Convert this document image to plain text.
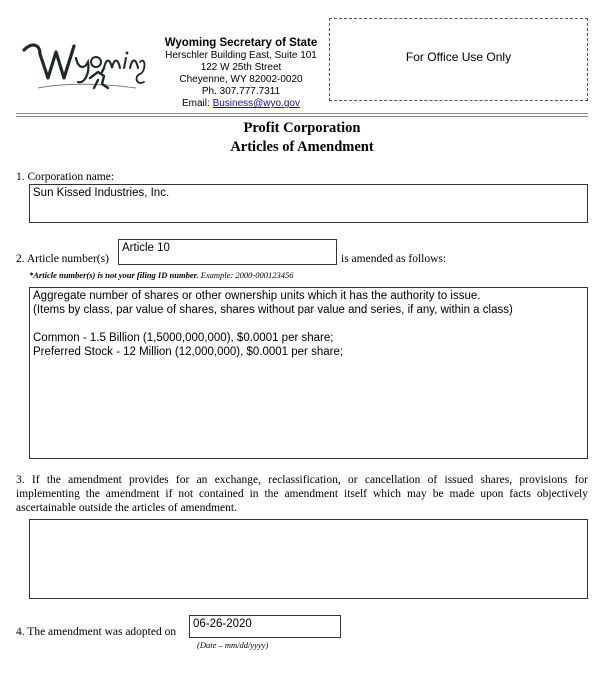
Wyoming Secretary of State
Herschler Building East, Suite 101
122 W 25th Street
Cheyenne, WY 82002-0020
Ph. 307.777.7311
Email: Business@wyo.gov
For Office Use Only
Profit Corporation
Articles of Amendment
1. Corporation name:
Sun Kissed Industries, Inc.
2. Article number(s)
Article 10
is amended as follows:
*Article number(s) is not your filing ID number. Example: 2000-000123456
Aggregate number of shares or other ownership units which it has the authority to issue.
(Items by class, par value of shares, shares without par value and series, if any, within a class)

Common - 1.5 Billion (1,5000,000,000), $0.0001 per share;
Preferred Stock - 12 Million (12,000,000), $0.0001 per share;
3. If the amendment provides for an exchange, reclassification, or cancellation of issued shares, provisions for implementing the amendment if not contained in the amendment itself which may be made upon facts objectively ascertainable outside the articles of amendment.
4. The amendment was adopted on
06-26-2020
(Date – mm/dd/yyyy)
